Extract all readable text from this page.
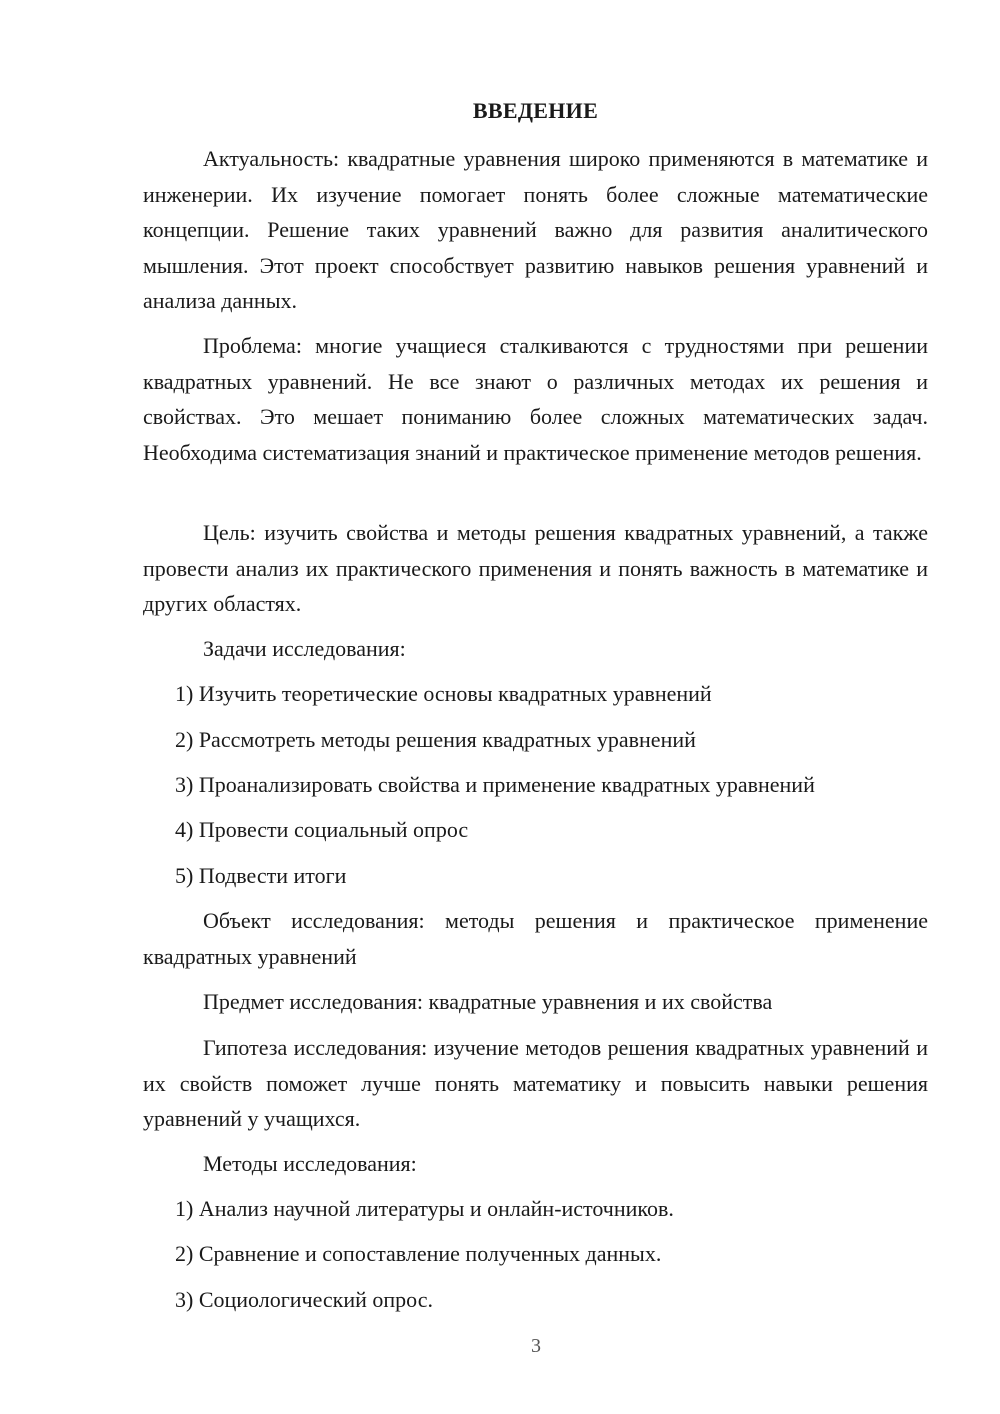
ВВЕДЕНИЕ
Актуальность: квадратные уравнения широко применяются в математике и инженерии. Их изучение помогает понять более сложные математические концепции. Решение таких уравнений важно для развития аналитического мышления. Этот проект способствует развитию навыков решения уравнений и анализа данных.
Проблема: многие учащиеся сталкиваются с трудностями при решении квадратных уравнений. Не все знают о различных методах их решения и свойствах. Это мешает пониманию более сложных математических задач. Необходима систематизация знаний и практическое применение методов решения.
Цель: изучить свойства и методы решения квадратных уравнений, а также провести анализ их практического применения и понять важность в математике и других областях.
Задачи исследования:
1) Изучить теоретические основы квадратных уравнений
2) Рассмотреть методы решения квадратных уравнений
3) Проанализировать свойства и применение квадратных уравнений
4) Провести социальный опрос
5) Подвести итоги
Объект исследования: методы решения и практическое применение квадратных уравнений
Предмет исследования: квадратные уравнения и их свойства
Гипотеза исследования: изучение методов решения квадратных уравнений и их свойств поможет лучше понять математику и повысить навыки решения уравнений у учащихся.
Методы исследования:
1) Анализ научной литературы и онлайн-источников.
2) Сравнение и сопоставление полученных данных.
3) Социологический опрос.
3
